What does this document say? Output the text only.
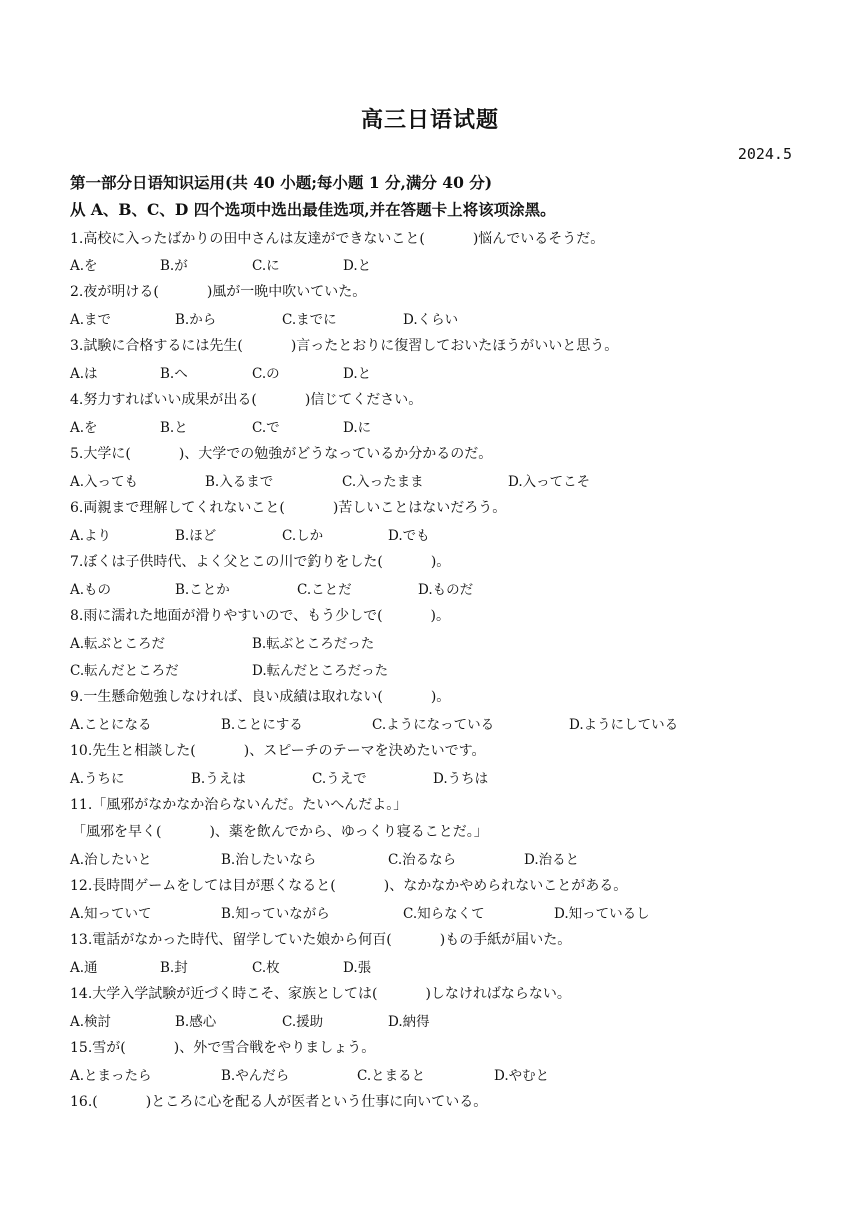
高三日语试题
2024.5
第一部分日语知识运用(共 40 小题;每小题 1 分,满分 40 分)
从 A、B、C、D 四个选项中选出最佳选项,并在答题卡上将该项涂黑。
1.高校に入ったばかりの田中さんは友達ができないこと(	)悩んでいるそうだ。
A.を	B.が	C.に	D.と
2.夜が明ける(	)風が一晩中吹いていた。
A.まで	B.から	C.までに	D.くらい
3.試験に合格するには先生(	)言ったとおりに復習しておいたほうがいいと思う。
A.は	B.へ	C.の	D.と
4.努力すればいい成果が出る(	)信じてください。
A.を	B.と	C.で	D.に
5.大学に(	)、大学での勉強がどうなっているか分かるのだ。
A.入っても	B.入るまで	C.入ったまま	D.入ってこそ
6.両親まで理解してくれないこと(	)苦しいことはないだろう。
A.より	B.ほど	C.しか	D.でも
7.ぼくは子供時代、よく父とこの川で釣りをした(	)。
A.もの	B.ことか	C.ことだ	D.ものだ
8.雨に濡れた地面が滑りやすいので、もう少しで(	)。
A.転ぶところだ	B.転ぶところだった
C.転んだところだ	D.転んだところだった
9.一生懸命勉強しなければ、良い成績は取れない(	)。
A.ことになる	B.ことにする	C.ようになっている	D.ようにしている
10.先生と相談した(	)、スピーチのテーマを決めたいです。
A.うちに	B.うえは	C.うえで	D.うちは
11.「風邪がなかなか治らないんだ。たいへんだよ。」
「風邪を早く(	)、薬を飲んでから、ゆっくり寝ることだ。」
A.治したいと	B.治したいなら	C.治るなら	D.治ると
12.長時間ゲームをしては目が悪くなると(	)、なかなかやめられないことがある。
A.知っていて	B.知っていながら	C.知らなくて	D.知っているし
13.電話がなかった時代、留学していた娘から何百(	)もの手紙が届いた。
A.通	B.封	C.枚	D.張
14.大学入学試験が近づく時こそ、家族としては(	)しなければならない。
A.検討	B.感心	C.援助	D.納得
15.雪が(	)、外で雪合戦をやりましょう。
A.とまったら	B.やんだら	C.とまると	D.やむと
16.(	)ところに心を配る人が医者という仕事に向いている。
